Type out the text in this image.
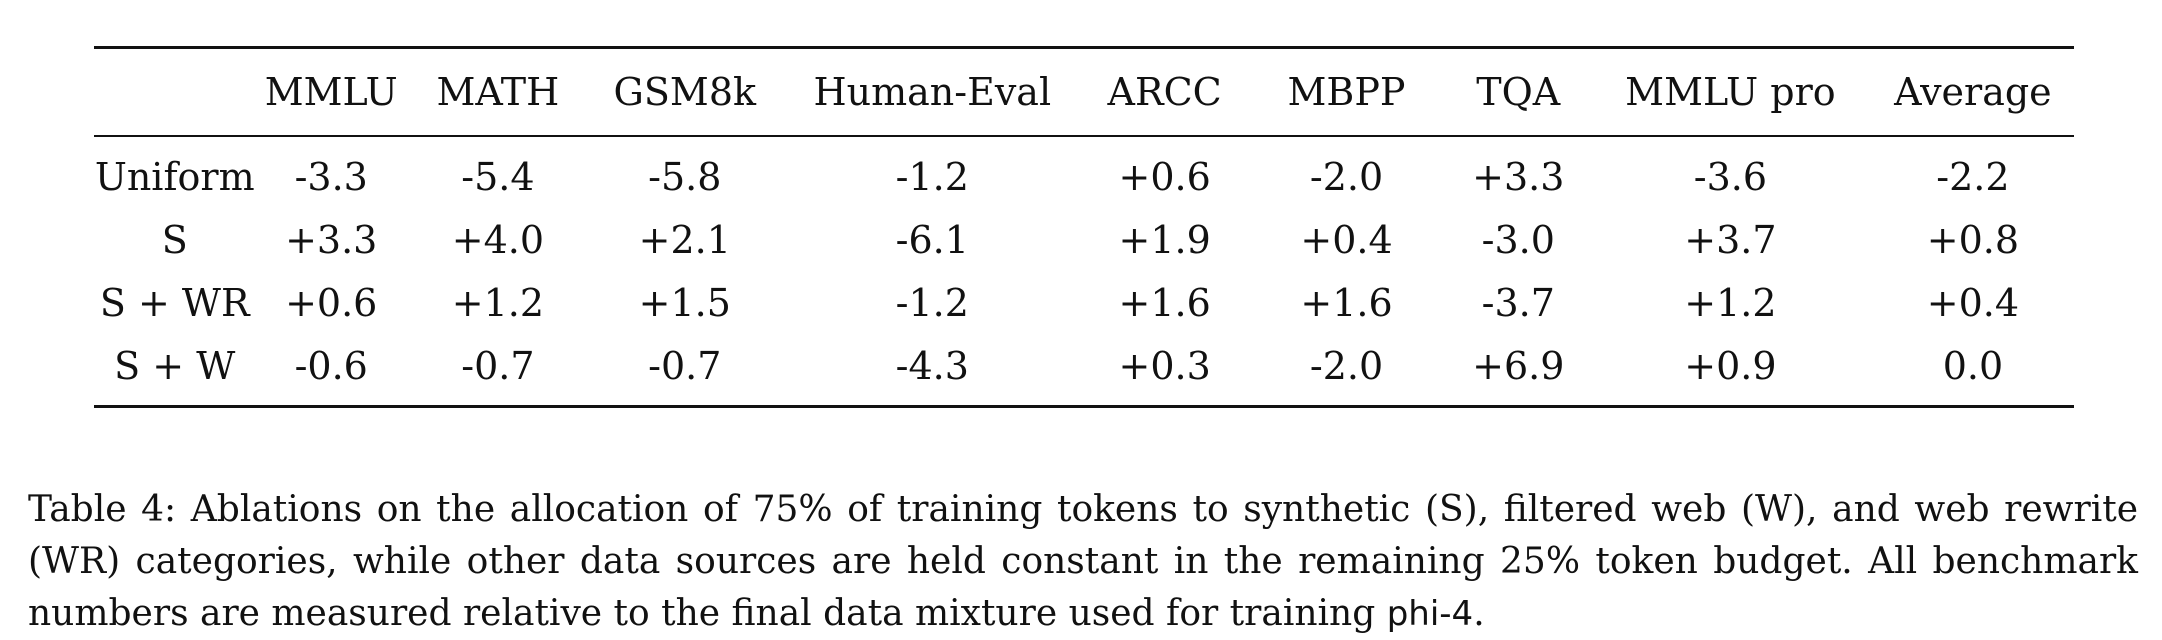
	MMLU	MATH	GSM8k	Human-Eval	ARCC	MBPP	TQA	MMLU pro	Average
Uniform	-3.3	-5.4	-5.8	-1.2	+0.6	-2.0	+3.3	-3.6	-2.2
S	+3.3	+4.0	+2.1	-6.1	+1.9	+0.4	-3.0	+3.7	+0.8
S + WR	+0.6	+1.2	+1.5	-1.2	+1.6	+1.6	-3.7	+1.2	+0.4
S + W	-0.6	-0.7	-0.7	-4.3	+0.3	-2.0	+6.9	+0.9	0.0

Table 4: Ablations on the allocation of 75% of training tokens to synthetic (S), filtered web (W), and web rewrite (WR) categories, while other data sources are held constant in the remaining 25% token budget. All benchmark numbers are measured relative to the final data mixture used for training phi-4.
